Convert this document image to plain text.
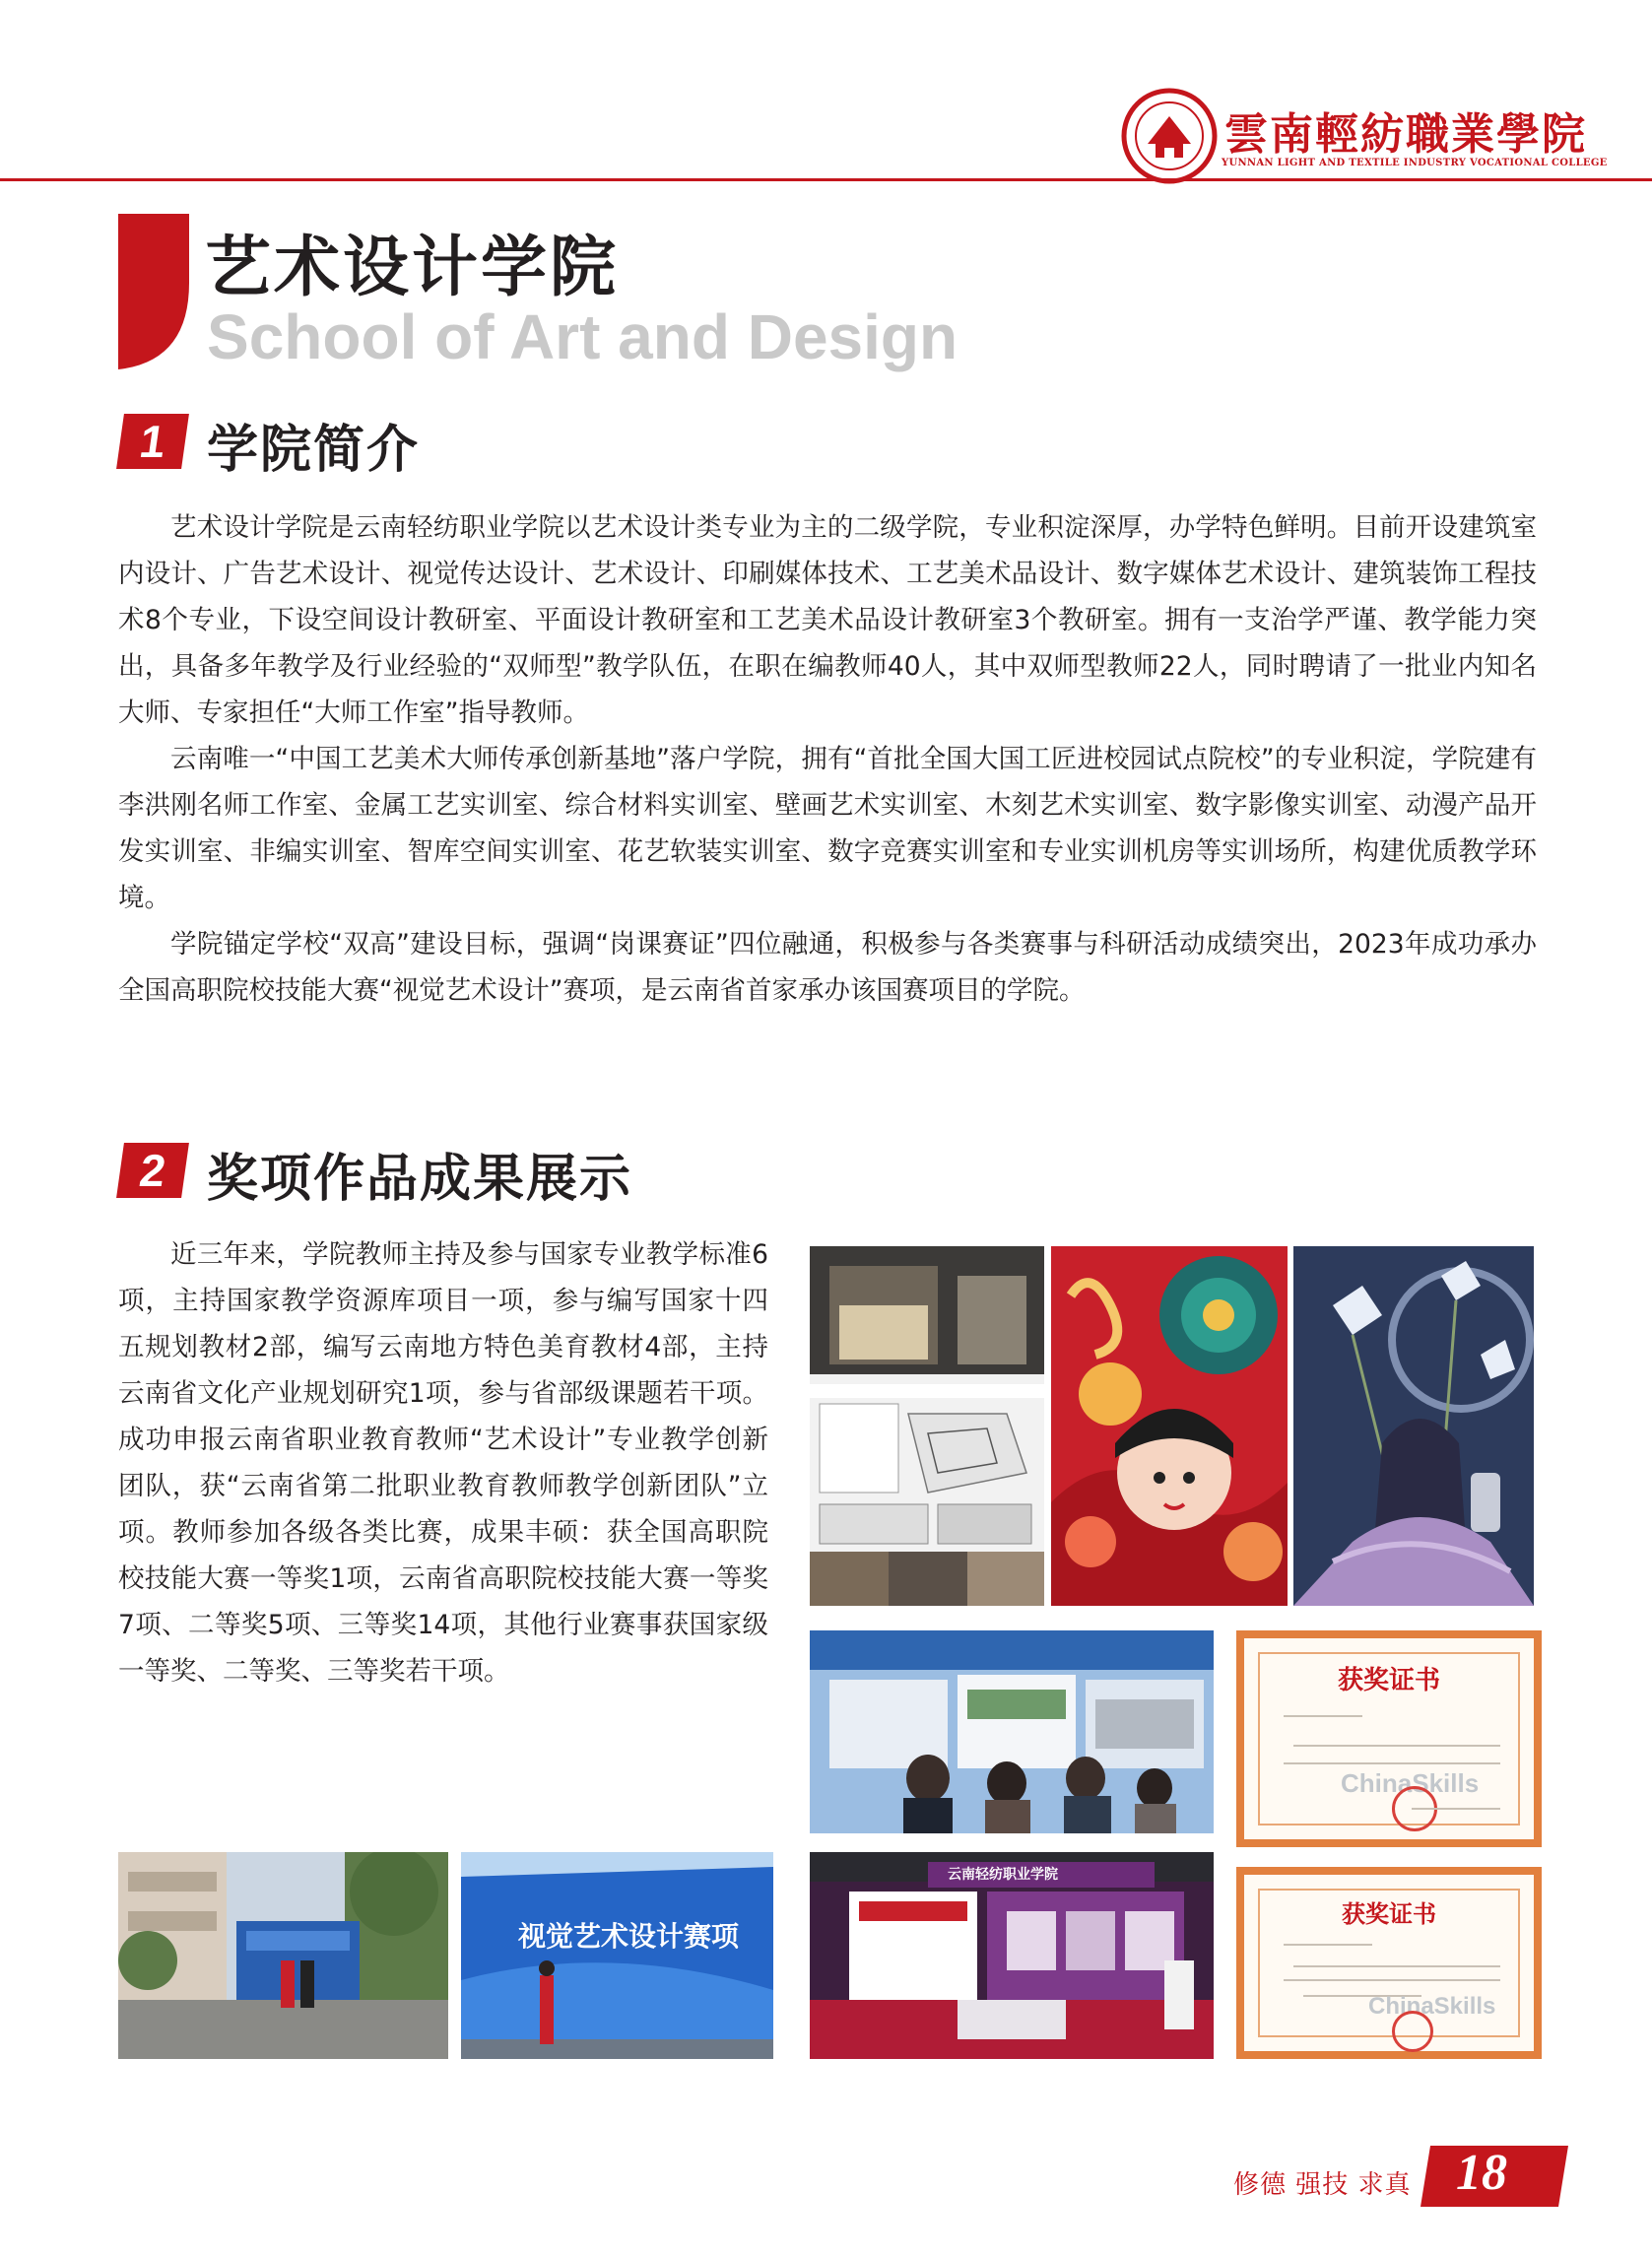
雲南輕紡職業學院
YUNNAN LIGHT AND TEXTILE INDUSTRY VOCATIONAL COLLEGE
艺术设计学院
School of Art and Design
1 学院简介

艺术设计学院是云南轻纺职业学院以艺术设计类专业为主的二级学院，专业积淀深厚，办学特色鲜明。目前开设建筑室内设计、广告艺术设计、视觉传达设计、艺术设计、印刷媒体技术、工艺美术品设计、数字媒体艺术设计、建筑装饰工程技术8个专业，下设空间设计教研室、平面设计教研室和工艺美术品设计教研室3个教研室。拥有一支治学严谨、教学能力突出，具备多年教学及行业经验的“双师型”教学队伍，在职在编教师40人，其中双师型教师22人，同时聘请了一批业内知名大师、专家担任“大师工作室”指导教师。

云南唯一“中国工艺美术大师传承创新基地”落户学院，拥有“首批全国大国工匠进校园试点院校”的专业积淀，学院建有李洪刚名师工作室、金属工艺实训室、综合材料实训室、壁画艺术实训室、木刻艺术实训室、数字影像实训室、动漫产品开发实训室、非编实训室、智库空间实训室、花艺软装实训室、数字竞赛实训室和专业实训机房等实训场所，构建优质教学环境。

学院锚定学校“双高”建设目标，强调“岗课赛证”四位融通，积极参与各类赛事与科研活动成绩突出，2023年成功承办全国高职院校技能大赛“视觉艺术设计”赛项，是云南省首家承办该国赛项目的学院。

2 奖项作品成果展示

近三年来，学院教师主持及参与国家专业教学标准6项，主持国家教学资源库项目一项，参与编写国家十四五规划教材2部，编写云南地方特色美育教材4部，主持云南省文化产业规划研究1项，参与省部级课题若干项。成功申报云南省职业教育教师“艺术设计”专业教学创新团队，获“云南省第二批职业教育教师教学创新团队”立项。教师参加各级各类比赛，成果丰硕：获全国高职院校技能大赛一等奖1项，云南省高职院校技能大赛一等奖7项、二等奖5项、三等奖14项，其他行业赛事获国家级一等奖、二等奖、三等奖若干项。

云南轻纺职业学院
获奖证书
ChinaSkills
获奖证书
ChinaSkills
视觉艺术设计赛项
修德 强技 求真 18
